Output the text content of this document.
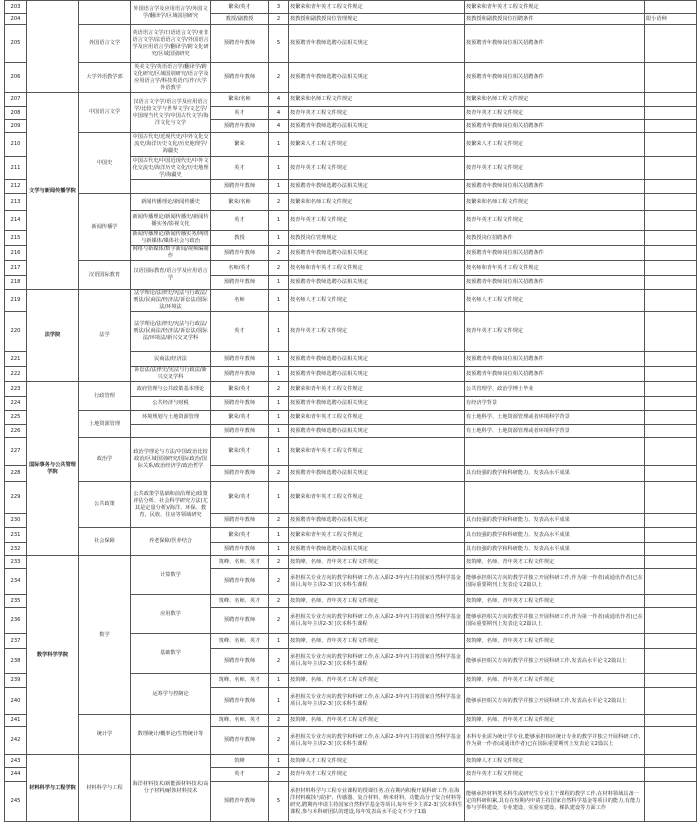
203			外国语言学及应用语言学/外国文学/翻译学/区域国别研究	繁荣/英才	3	按繁荣和青年英才工程文件规定	按繁荣和青年英才工程文件规定	
204				教授/副教授	2	按教授和副教授岗位管理规定	按教授和副教授岗位招聘条件	限小语种
205		外国语言文学	英语语言文学/日语语言文学/亚非语言文学/法语语言文学/外国语言学及应用语言学/翻译学/跨文化研究/区域国别研究	预聘青年教师	5	按预聘青年教师选聘办法相关规定	按预聘青年教师岗位相关招聘条件	
206		大学外语教学部	英美文学/英语语言学/翻译学/跨文化研究/区域国别研究/语言学及应用语言学/科技英语/写作/大学外语教学	预聘青年教师	2	按预聘青年教师选聘办法相关规定	按预聘青年教师岗位相关招聘条件	
207	文学与新闻传播学院	中国语言文学	汉语言文字学/语言学及应用语言学/比较文学与世界文学/文艺学/中国现当代文学/中国古代文学/海洋文化与文学	繁荣/名师	4	按繁荣和名师工程文件规定	按繁荣和名师工程文件规定	
208				英才	4	按青年英才工程文件规定	按青年英才工程文件规定	
209				预聘青年教师	4	按预聘青年教师选聘办法相关规定	按预聘青年教师岗位相关招聘条件	
210		中国史	中国古代史/近现代史/中外文化交流史/海洋历史文化/历史地理学/海疆史	繁荣	1	按繁荣人才工程文件规定	按繁荣人才工程文件规定	
211			中国古代史/中国近现代史/中外文化交流史/海洋历史文化/历史地理学/海疆史	英才	1	按青年英才工程文件规定	按青年英才工程文件规定	
212				预聘青年教师	1	按预聘青年教师选聘办法相关规定	按预聘青年教师岗位相关招聘条件	
213		新闻传播学	新闻传播理论/新闻传播史	繁荣/名师	2	按繁荣和名师工程文件规定	按繁荣和名师工程文件规定	
214			新闻传播理论/新闻传播史/新闻传播实务/影视文化	英才	1	按青年英才工程文件规定	按青年英才工程文件规定	
215			新闻传播理论/新闻传播实务/网络与新媒体/媒体社会与政治	教授	1	按教授岗位管理规定	按教授岗位招聘条件	
216			网络与新媒体/数字新闻/视频编制作	预聘青年教师	2	按预聘青年教师选聘办法相关规定	按预聘青年教师岗位相关招聘条件	
217		汉语国际教育	汉语国际教育/语言学及应用语言学	名师/英才	2	按名师和青年英才工程文件规定	按名师和青年英才工程文件规定	
218				预聘青年教师	1	按预聘青年教师选聘办法相关规定	按预聘青年教师岗位相关招聘条件	
219	法学院	法学	法学理论/法律史/宪法与行政法/刑法/民商法/经济法/诉讼法/国际法/环境法	名师	1	按名师人才工程文件规定	按名师人才工程文件规定	
220			法学理论/法律史/宪法与行政法/刑法/民商法/经济法/诉讼法/国际法/环境法/新兴交叉学科	英才	1	按青年英才工程文件规定	按青年英才工程文件规定	
221			民商法/经济法	预聘青年教师	1	按预聘青年教师选聘办法相关规定	按预聘青年教师岗位相关招聘条件	
222			诉讼法/法律史/宪法与行政法/新兴交叉学科	预聘青年教师	1	按预聘青年教师选聘办法相关规定	按预聘青年教师岗位相关招聘条件	
223	国际事务与公共管理学院	行政管理	政府管理与公共政策基本理论	繁荣/英才	2	按繁荣和青年英才工程文件规定	公共管理学、政治学博士毕业	
224			公共经济与财税	预聘青年教师	1	按预聘青年教师选聘办法相关规定	有经济学背景	
225		土地资源管理	环境规划与土地资源管理	繁荣/英才	1	按繁荣和青年英才工程文件规定	有土地科学、土地资源管理或者环境科学背景	
226				预聘青年教师	1	按预聘青年教师选聘办法相关规定	有土地科学、土地资源管理或者环境科学背景	
227		政治学	政治学理论与方法/中国政治比较政治/区域国别研究/国际政治/国际关系/政治经济学/政治哲学	繁荣/英才	1	按繁荣和青年英才工程文件规定		
228				预聘青年教师	2	按预聘青年教师选聘办法相关规定	具有较强的教学和科研能力、发表高水平成果	
229		公共政策	公共政策学基础和前沿理论/政策评估分析、社会科学研究方法(尤其是定量分析)/海洋、环保、教育、民族、住房等领域研究	繁荣/英才	1	按繁荣和青年英才工程文件规定		
230				预聘青年教师	2	按预聘青年教师选聘办法相关规定	具有较强的教学和科研能力、发表高水平成果	
231		社会保障	养老保障/医养结合	繁荣/英才	1	按繁荣和青年英才工程文件规定	具有较强的教学和科研能力、发表高水平成果	
232				预聘青年教师	1	按预聘青年教师选聘办法相关规定	具有较强的教学和科研能力、发表高水平成果	
233	数学科学学院	数学	计算数学	筑峰、名师、英才	2	按筑峰、名师、青年英才工程文件规定	按筑峰、名师、青年英才工程文件规定	
234				预聘青年教师	2	承担相关专业方向的教学和科研工作,在入职2-3年内主持国家自然科学基金项目,每年主讲2-3门次本科生课程	能够承担相关方向的教学并独立开展科研工作,作为第一作者(或通讯作者)已在国际重要期刊上发表论文2篇以上	
235			应用数学	筑峰、名师、英才	2	按筑峰、名师、青年英才工程文件规定	按筑峰、名师、青年英才工程文件规定	
236				预聘青年教师	2	承担相关专业方向的教学和科研工作,在入职2-3年内主持国家自然科学基金项目,每年主讲2-3门次本科生课程	能够承担相关方向的教学并独立开展科研工作,作为第一作者(或通讯作者)已在国际重要期刊上发表论文2篇以上	
237			基础数学	筑峰、名师、英才	1	按筑峰、名师、青年英才工程文件规定	按筑峰、名师、青年英才工程文件规定	
238				预聘青年教师	2	承担相关专业方向的教学和科研工作,在入职2-3年内主持国家自然科学基金项目,每年主讲2-3门次本科生课程	能够承担相关方向的教学并独立开展科研工作,发表高水平论文2篇以上	
239			运筹学与控制论	筑峰、名师、英才	1	按筑峰、名师、青年英才工程文件规定	按筑峰、名师、青年英才工程文件规定	
240				预聘青年教师	1	承担相关专业方向的教学和科研工作,在入职2-3年内主持国家自然科学基金项目,每年主讲2-3门次本科生课程	能够承担相关方向的教学并独立开展科研工作,发表高水平论文2篇以上	
241		统计学	数理统计/概率论/生物统计等	筑峰、名师、英才	2	按筑峰、名师、青年英才工程文件规定	按筑峰、名师、青年英才工程文件规定	
242				预聘青年教师	2	承担相关专业方向的教学和科研工作,在入职2-3年内主持国家自然科学基金项目,每年主讲2-3门次本科生课程	本科专业需为统计学专业,能够承担相应统计专业的教学并独立开展科研工作,作为第一作者(或通讯作者)已在国际重要期刊上发表论文2篇以上	
243	材料科学与工程学院	材料科学与工程	海洋材料技术/新能源材料技术/高分子材料/耐蚀材料技术	筑峰	1	按筑峰人才工程文件规定	按筑峰人才工程文件规定	
244				英才	2	按青年英才工程文件规定	按青年英才工程文件规定	
245				预聘青年教师	5	承担材料科学与工程专业课程的授课任务,在在期内积极开展科研工作,在海洋材料腐蚀与防护、传感器、复合材料、纳米材料、功能高分子复合材料等研究,聘期内申请主持国家自然科学基金等项目,每年至少主讲2-3门次本科生课程,参与本科研团队的建设,每年发表高水平论文不少于1篇	能够承担材料类本科生或研究生专业主干课程的教学工作,在材料领域具备一定的科研积累,具有在短期内申请主持国家自然科学基金等项目的能力,有能力参与学科建设、专业建设、实验室建设、梯队建设等方面工作	
